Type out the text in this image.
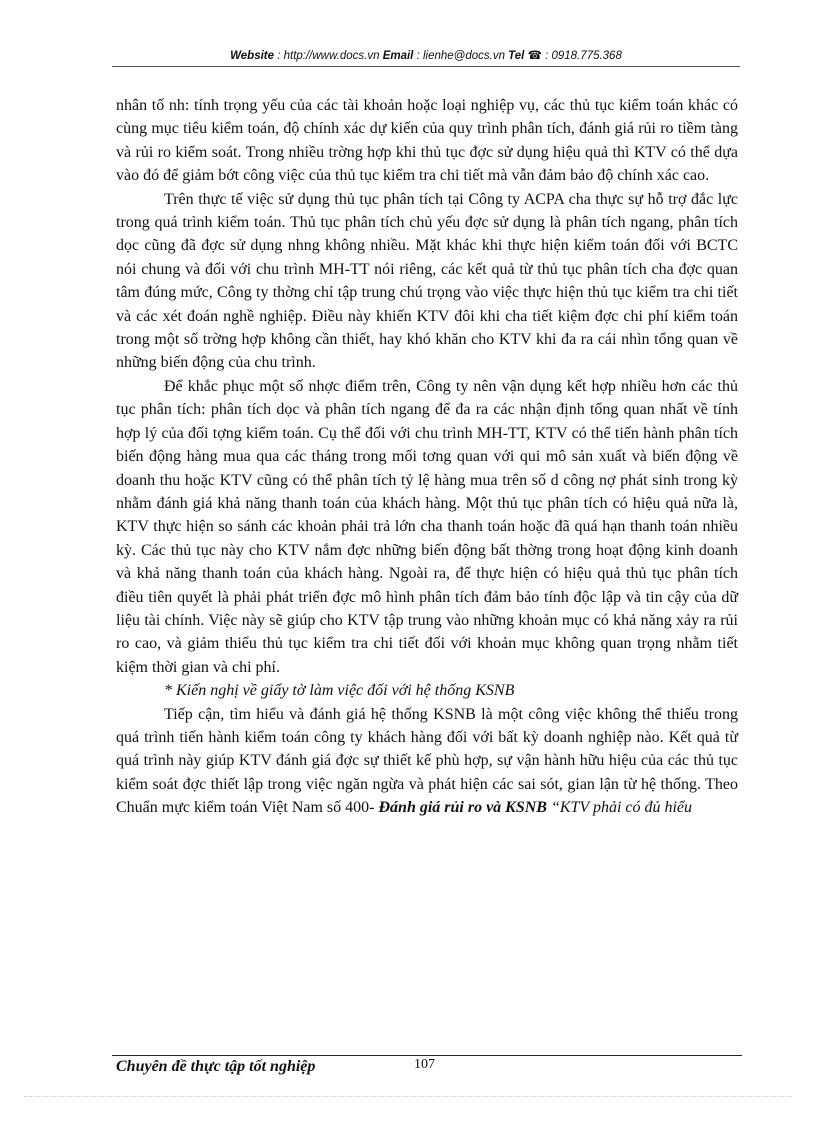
Website : http://www.docs.vn Email : lienhe@docs.vn Tel ☎ : 0918.775.368

nhân tố nh: tính trọng yếu của các tài khoản hoặc loại nghiệp vụ, các thủ tục kiểm toán khác có cùng mục tiêu kiểm toán, độ chính xác dự kiến của quy trình phân tích, đánh giá rủi ro tiềm tàng và rủi ro kiểm soát. Trong nhiều trờng hợp khi thủ tục đợc sử dụng hiệu quả thì KTV có thể dựa vào đó để giảm bớt công việc của thủ tục kiểm tra chi tiết mà vẫn đảm bảo độ chính xác cao.

Trên thực tế việc sử dụng thủ tục phân tích tại Công ty ACPA cha thực sự hỗ trợ đắc lực trong quá trình kiểm toán. Thủ tục phân tích chủ yếu đợc sử dụng là phân tích ngang, phân tích dọc cũng đã đợc sử dụng nhng không nhiều. Mặt khác khi thực hiện kiểm toán đối với BCTC nói chung và đối với chu trình MH-TT nói riêng, các kết quả từ thủ tục phân tích cha đợc quan tâm đúng mức, Công ty thờng chỉ tập trung chú trọng vào việc thực hiện thủ tục kiểm tra chi tiết và các xét đoán nghề nghiệp. Điều này khiến KTV đôi khi cha tiết kiệm đợc chi phí kiểm toán trong một số trờng hợp không cần thiết, hay khó khăn cho KTV khi đa ra cái nhìn tổng quan về những biến động của chu trình.

Để khắc phục một số nhợc điểm trên, Công ty nên vận dụng kết hợp nhiều hơn các thủ tục phân tích: phân tích dọc và phân tích ngang để đa ra các nhận định tổng quan nhất về tính hợp lý của đối tợng kiểm toán. Cụ thể đối với chu trình MH-TT, KTV có thể tiến hành phân tích biến động hàng mua qua các tháng trong mối tơng quan với qui mô sản xuất và biến động về doanh thu hoặc KTV cũng có thể phân tích tỷ lệ hàng mua trên số d công nợ phát sinh trong kỳ nhằm đánh giá khả năng thanh toán của khách hàng. Một thủ tục phân tích có hiệu quả nữa là, KTV thực hiện so sánh các khoản phải trả lớn cha thanh toán hoặc đã quá hạn thanh toán nhiều kỳ. Các thủ tục này cho KTV nắm đợc những biến động bất thờng trong hoạt động kinh doanh và khả năng thanh toán của khách hàng. Ngoài ra, để thực hiện có hiệu quả thủ tục phân tích điều tiên quyết là phải phát triển đợc mô hình phân tích đảm bảo tính độc lập và tin cậy của dữ liệu tài chính. Việc này sẽ giúp cho KTV tập trung vào những khoản mục có khả năng xảy ra rủi ro cao, và giảm thiểu thủ tục kiểm tra chi tiết đối với khoản mục không quan trọng nhằm tiết kiệm thời gian và chi phí.

* Kiến nghị về giấy tờ làm việc đối với hệ thống KSNB

Tiếp cận, tìm hiểu và đánh giá hệ thống KSNB là một công việc không thể thiếu trong quá trình tiến hành kiểm toán công ty khách hàng đối với bất kỳ doanh nghiệp nào. Kết quả từ quá trình này giúp KTV đánh giá đợc sự thiết kế phù hợp, sự vận hành hữu hiệu của các thủ tục kiểm soát đợc thiết lập trong việc ngăn ngừa và phát hiện các sai sót, gian lận từ hệ thống. Theo Chuẩn mực kiểm toán Việt Nam số 400- Đánh giá rủi ro và KSNB “KTV phải có đủ hiểu

Chuyên đề thực tập tốt nghiệp	107
